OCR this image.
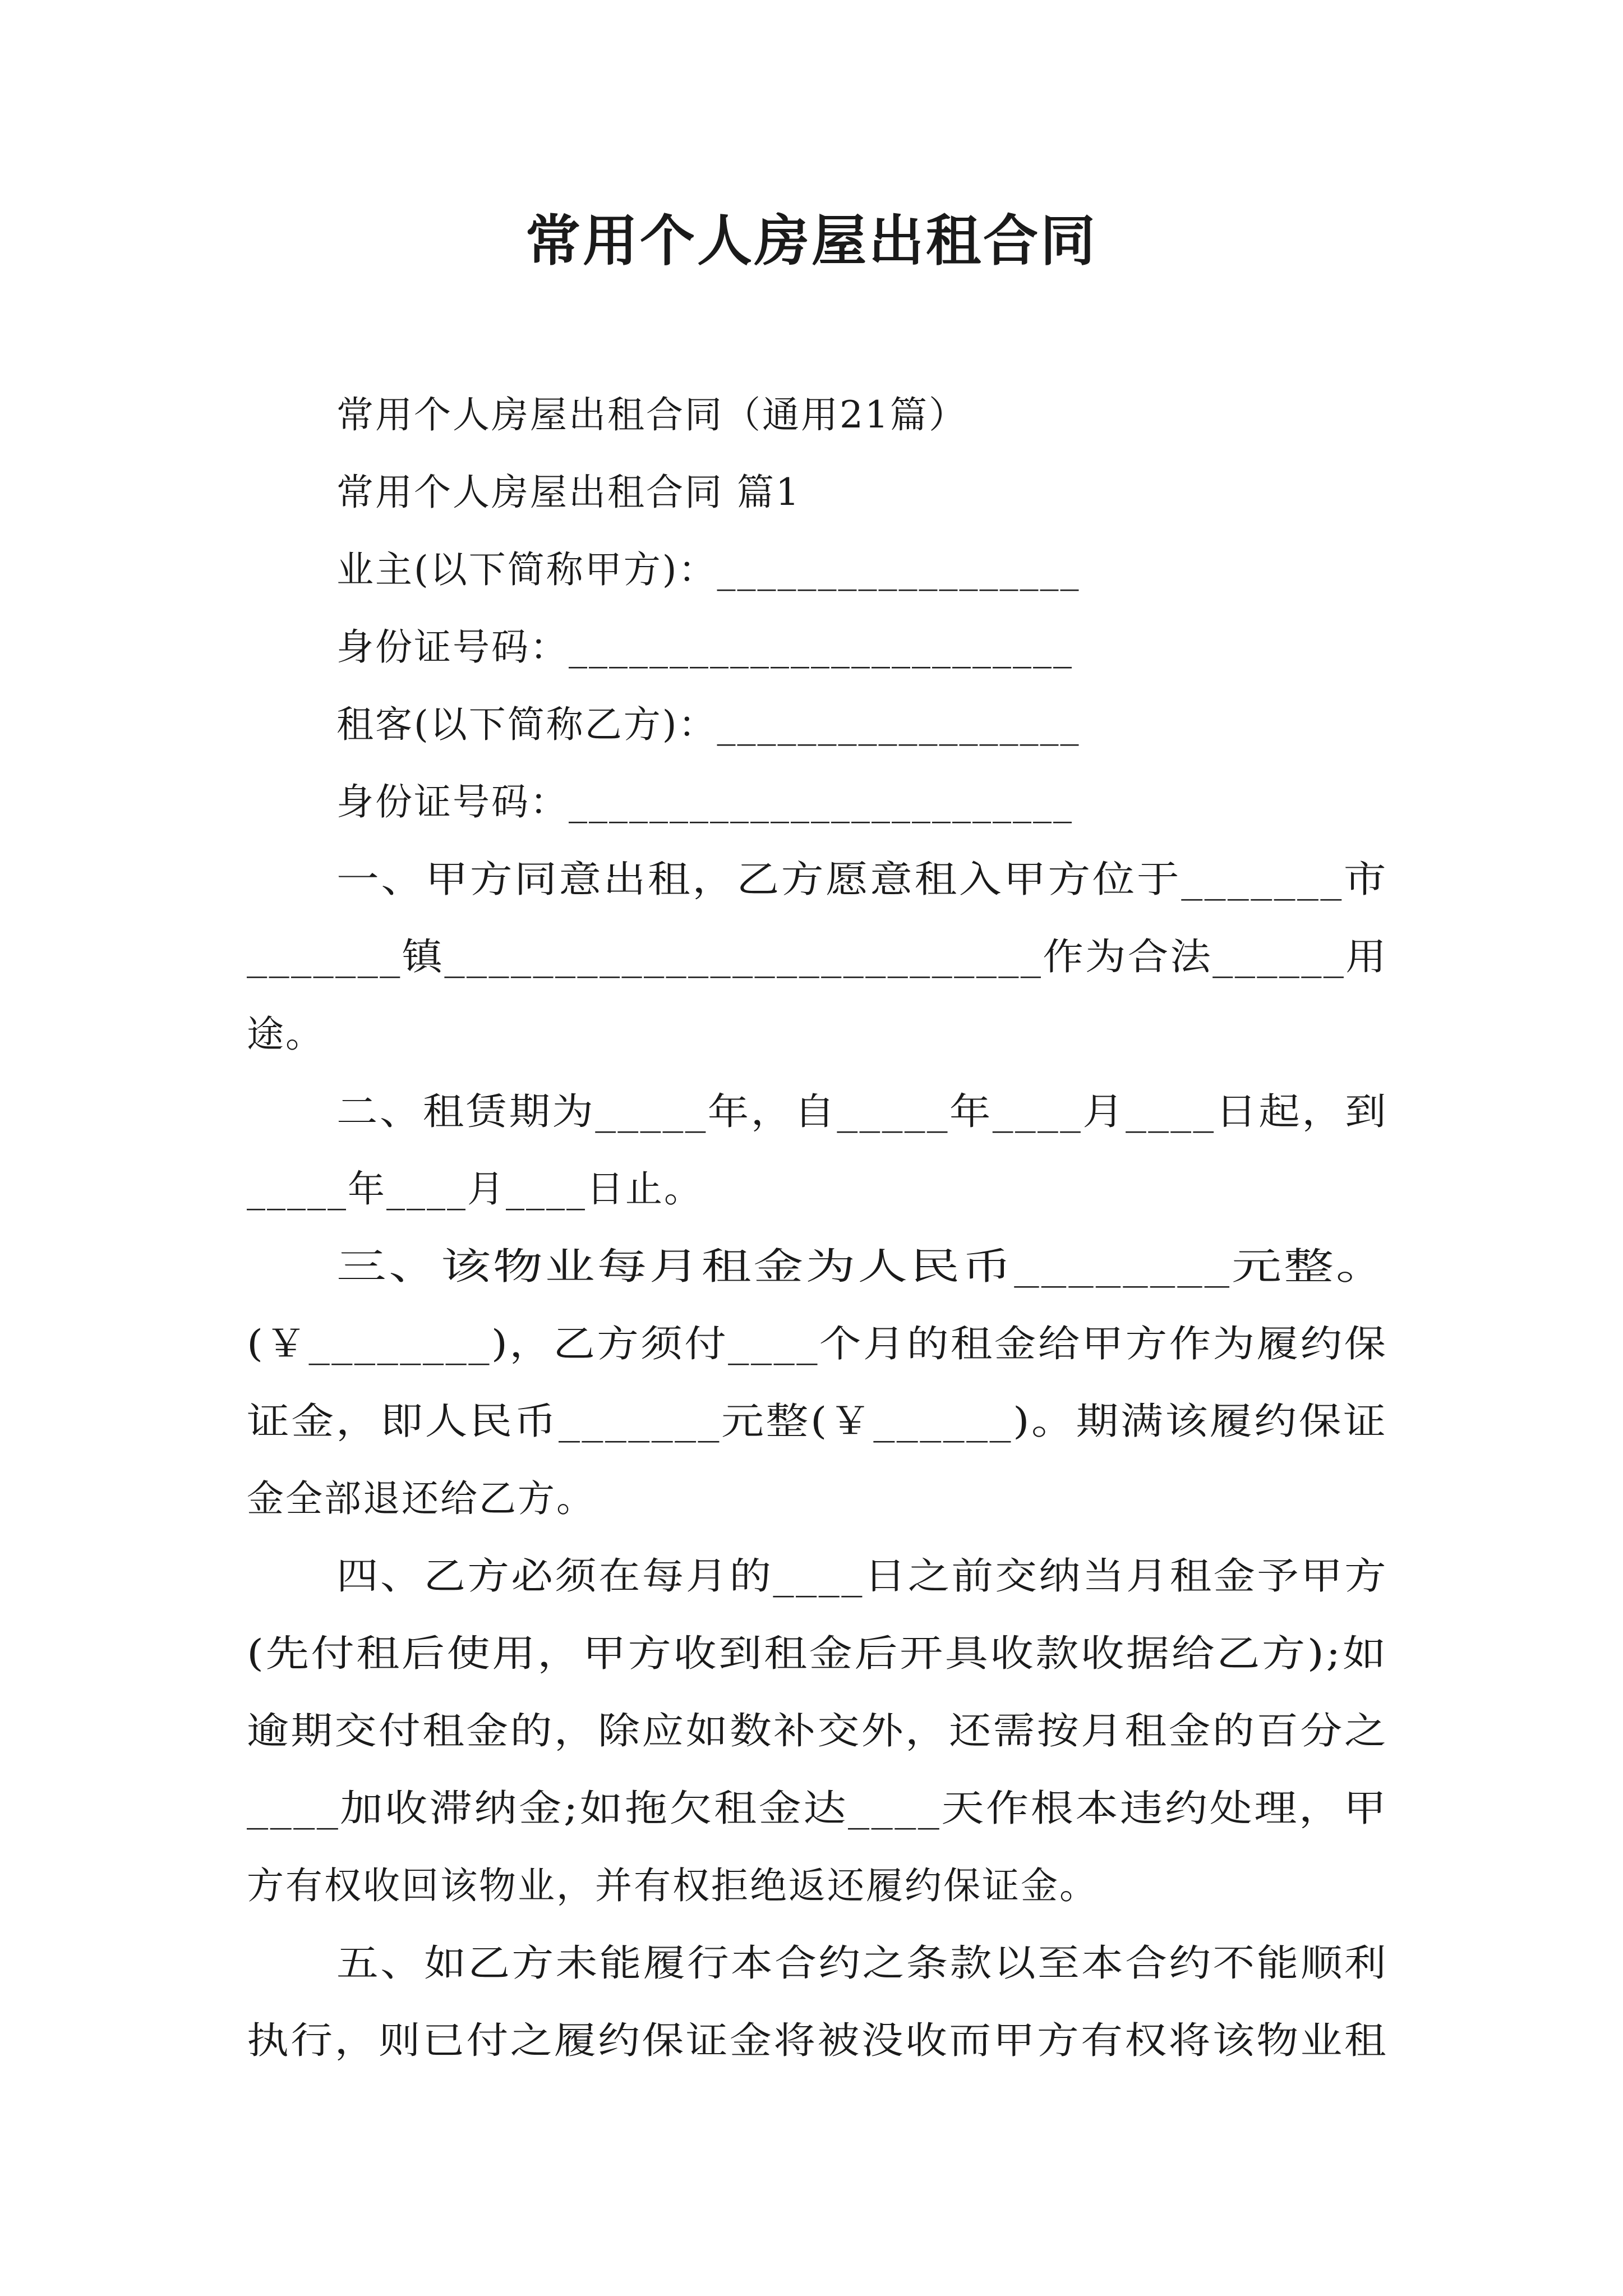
常用个人房屋出租合同
常用个人房屋出租合同（通用21篇）
常用个人房屋出租合同 篇1
业主(以下简称甲方)：__________________
身份证号码：_________________________
租客(以下简称乙方)：__________________
身份证号码：_________________________
一、甲方同意出租，乙方愿意租入甲方位于_______市
_______镇___________________________作为合法______用
途。
二、租赁期为_____年，自_____年____月____日起，到
_____年____月____日止。
三、该物业每月租金为人民币________元整。
(￥________)，乙方须付____个月的租金给甲方作为履约保
证金，即人民币_______元整(￥______)。期满该履约保证
金全部退还给乙方。
四、乙方必须在每月的____日之前交纳当月租金予甲方
(先付租后使用，甲方收到租金后开具收款收据给乙方);如
逾期交付租金的，除应如数补交外，还需按月租金的百分之
____加收滞纳金;如拖欠租金达____天作根本违约处理，甲
方有权收回该物业，并有权拒绝返还履约保证金。
五、如乙方未能履行本合约之条款以至本合约不能顺利
执行，则已付之履约保证金将被没收而甲方有权将该物业租
